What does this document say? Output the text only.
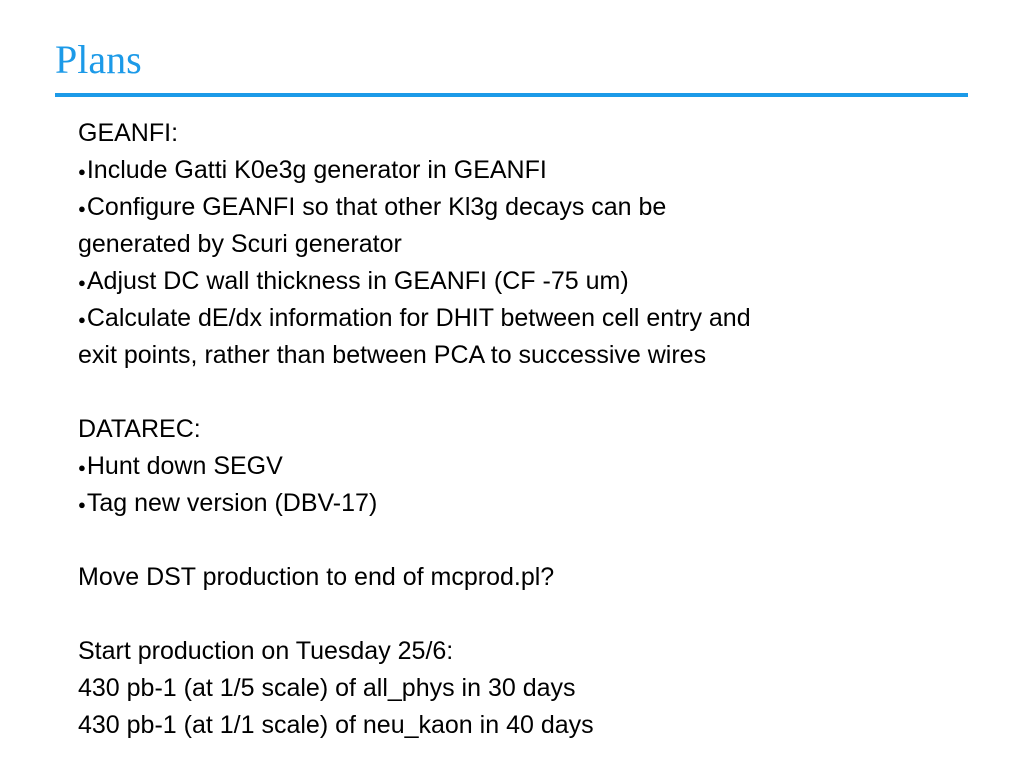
Plans
GEANFI:
●Include Gatti K0e3g generator in GEANFI
●Configure GEANFI so that other Kl3g decays can be
generated by Scuri generator
●Adjust DC wall thickness in GEANFI (CF -75 um)
●Calculate dE/dx information for DHIT between cell entry and
exit points, rather than between PCA to successive wires
DATAREC:
●Hunt down SEGV
●Tag new version (DBV-17)
Move DST production to end of mcprod.pl?
Start production on Tuesday 25/6:
430 pb-1 (at 1/5 scale) of all_phys in 30 days
430 pb-1 (at 1/1 scale) of neu_kaon in 40 days
